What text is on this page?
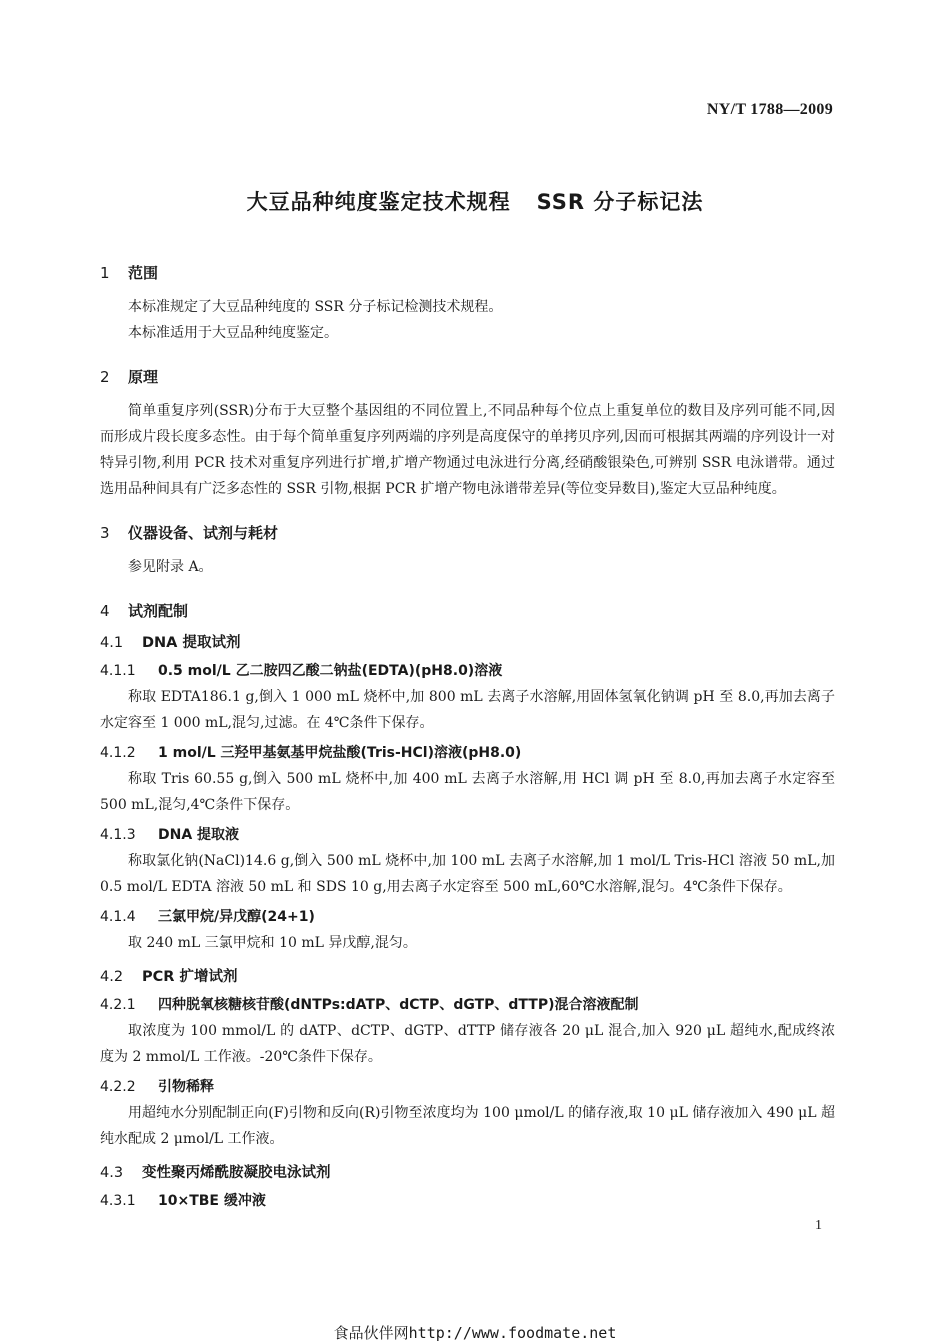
NY/T 1788—2009
大豆品种纯度鉴定技术规程 SSR 分子标记法
1 范围

本标准规定了大豆品种纯度的 SSR 分子标记检测技术规程。

本标准适用于大豆品种纯度鉴定。

2 原理

简单重复序列(SSR)分布于大豆整个基因组的不同位置上,不同品种每个位点上重复单位的数目及序列可能不同,因而形成片段长度多态性。由于每个简单重复序列两端的序列是高度保守的单拷贝序列,因而可根据其两端的序列设计一对特异引物,利用 PCR 技术对重复序列进行扩增,扩增产物通过电泳进行分离,经硝酸银染色,可辨别 SSR 电泳谱带。通过选用品种间具有广泛多态性的 SSR 引物,根据 PCR 扩增产物电泳谱带差异(等位变异数目),鉴定大豆品种纯度。

3 仪器设备、试剂与耗材

参见附录 A。

4 试剂配制
4.1 DNA 提取试剂
4.1.1 0.5 mol/L 乙二胺四乙酸二钠盐(EDTA)(pH8.0)溶液

称取 EDTA186.1 g,倒入 1 000 mL 烧杯中,加 800 mL 去离子水溶解,用固体氢氧化钠调 pH 至 8.0,再加去离子水定容至 1 000 mL,混匀,过滤。在 4℃条件下保存。

4.1.2 1 mol/L 三羟甲基氨基甲烷盐酸(Tris-HCl)溶液(pH8.0)

称取 Tris 60.55 g,倒入 500 mL 烧杯中,加 400 mL 去离子水溶解,用 HCl 调 pH 至 8.0,再加去离子水定容至 500 mL,混匀,4℃条件下保存。

4.1.3 DNA 提取液

称取氯化钠(NaCl)14.6 g,倒入 500 mL 烧杯中,加 100 mL 去离子水溶解,加 1 mol/L Tris-HCl 溶液 50 mL,加 0.5 mol/L EDTA 溶液 50 mL 和 SDS 10 g,用去离子水定容至 500 mL,60℃水溶解,混匀。4℃条件下保存。

4.1.4 三氯甲烷/异戊醇(24+1)

取 240 mL 三氯甲烷和 10 mL 异戊醇,混匀。

4.2 PCR 扩增试剂
4.2.1 四种脱氧核糖核苷酸(dNTPs:dATP、dCTP、dGTP、dTTP)混合溶液配制

取浓度为 100 mmol/L 的 dATP、dCTP、dGTP、dTTP 储存液各 20 μL 混合,加入 920 μL 超纯水,配成终浓度为 2 mmol/L 工作液。-20℃条件下保存。

4.2.2 引物稀释

用超纯水分别配制正向(F)引物和反向(R)引物至浓度均为 100 μmol/L 的储存液,取 10 μL 储存液加入 490 μL 超纯水配成 2 μmol/L 工作液。

4.3 变性聚丙烯酰胺凝胶电泳试剂
4.3.1 10×TBE 缓冲液
1
食品伙伴网http://www.foodmate.net
